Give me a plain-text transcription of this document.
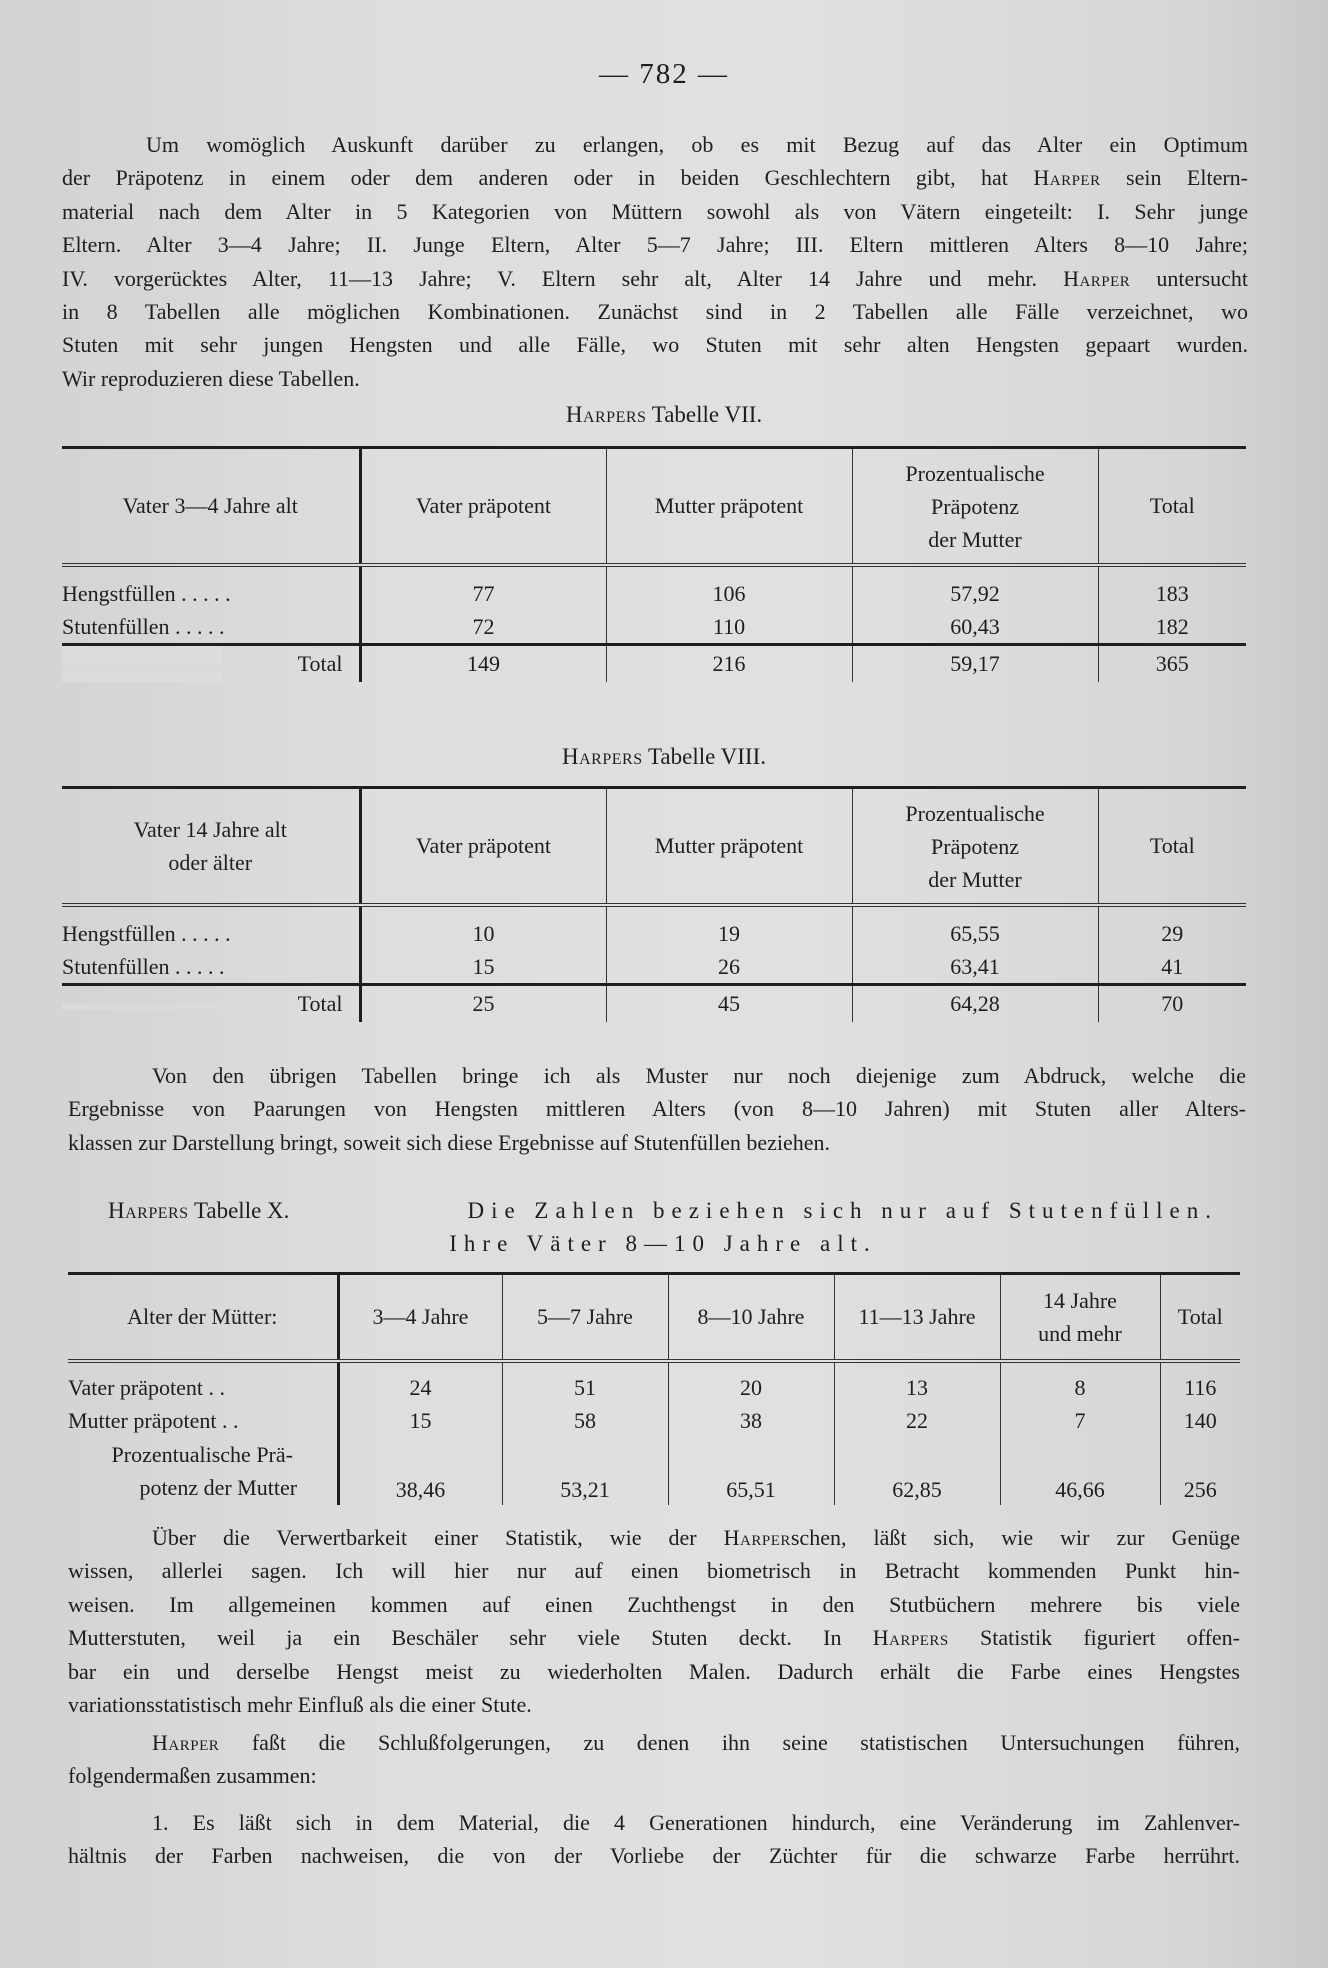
— 782 —
Um womöglich Auskunft darüber zu erlangen, ob es mit Bezug auf das Alter ein Optimum
der Präpotenz in einem oder dem anderen oder in beiden Geschlechtern gibt, hat Harper sein Eltern-
material nach dem Alter in 5 Kategorien von Müttern sowohl als von Vätern eingeteilt: I. Sehr junge
Eltern. Alter 3—4 Jahre; II. Junge Eltern, Alter 5—7 Jahre; III. Eltern mittleren Alters 8—10 Jahre;
IV. vorgerücktes Alter, 11—13 Jahre; V. Eltern sehr alt, Alter 14 Jahre und mehr. Harper untersucht
in 8 Tabellen alle möglichen Kombinationen. Zunächst sind in 2 Tabellen alle Fälle verzeichnet, wo
Stuten mit sehr jungen Hengsten und alle Fälle, wo Stuten mit sehr alten Hengsten gepaart wurden.
Wir reproduzieren diese Tabellen.
Harpers Tabelle VII.
Vater 3—4 Jahre alt	Vater präpotent	Mutter präpotent	Prozentualische
Präpotenz
der Mutter	Total
Hengstfüllen . . . . .	77	106	57,92	183
Stutenfüllen . . . . .	72	110	60,43	182
Total	149	216	59,17	365
Harpers Tabelle VIII.
Vater 14 Jahre alt
oder älter	Vater präpotent	Mutter präpotent	Prozentualische
Präpotenz
der Mutter	Total
Hengstfüllen . . . . .	10	19	65,55	29
Stutenfüllen . . . . .	15	26	63,41	41
Total	25	45	64,28	70
Von den übrigen Tabellen bringe ich als Muster nur noch diejenige zum Abdruck, welche die
Ergebnisse von Paarungen von Hengsten mittleren Alters (von 8—10 Jahren) mit Stuten aller Alters-
klassen zur Darstellung bringt, soweit sich diese Ergebnisse auf Stutenfüllen beziehen.
Harpers Tabelle X.	Die Zahlen beziehen sich nur auf Stutenfüllen.
Ihre Väter 8—10 Jahre alt.
Alter der Mütter:	3—4 Jahre	5—7 Jahre	8—10 Jahre	11—13 Jahre	14 Jahre
und mehr	Total
Vater präpotent . .	24	51	20	13	8	116
Mutter präpotent . .	15	58	38	22	7	140
Prozentualische Prä-
potenz der Mutter	38,46	53,21	65,51	62,85	46,66	256
Über die Verwertbarkeit einer Statistik, wie der Harperschen, läßt sich, wie wir zur Genüge
wissen, allerlei sagen. Ich will hier nur auf einen biometrisch in Betracht kommenden Punkt hin-
weisen. Im allgemeinen kommen auf einen Zuchthengst in den Stutbüchern mehrere bis viele
Mutterstuten, weil ja ein Beschäler sehr viele Stuten deckt. In Harpers Statistik figuriert offen-
bar ein und derselbe Hengst meist zu wiederholten Malen. Dadurch erhält die Farbe eines Hengstes
variationsstatistisch mehr Einfluß als die einer Stute.
Harper faßt die Schlußfolgerungen, zu denen ihn seine statistischen Untersuchungen führen,
folgendermaßen zusammen:
1. Es läßt sich in dem Material, die 4 Generationen hindurch, eine Veränderung im Zahlenver-
hältnis der Farben nachweisen, die von der Vorliebe der Züchter für die schwarze Farbe herrührt.
